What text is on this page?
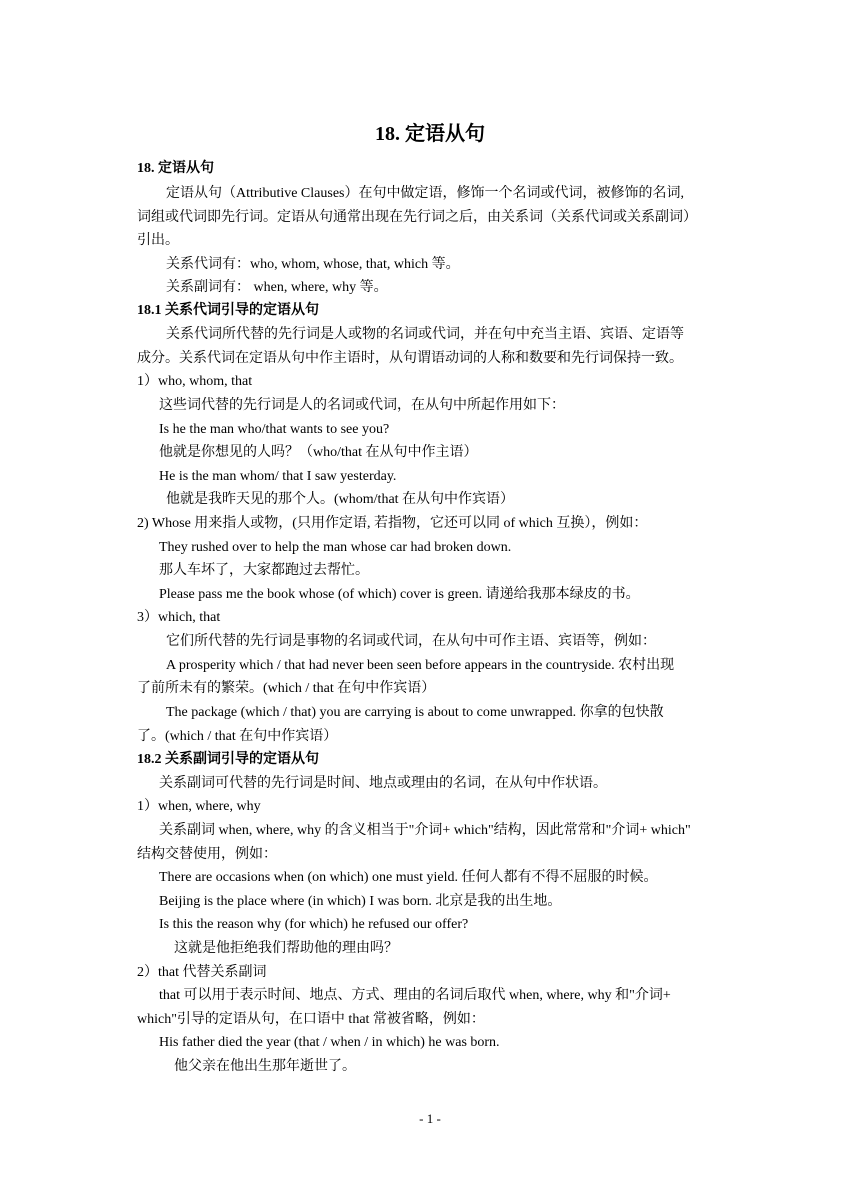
18. 定语从句
18. 定语从句
定语从句（Attributive Clauses）在句中做定语，修饰一个名词或代词，被修饰的名词,
词组或代词即先行词。定语从句通常出现在先行词之后，由关系词（关系代词或关系副词）
引出。
关系代词有：who, whom, whose, that, which 等。
关系副词有： when, where, why 等。
18.1 关系代词引导的定语从句
关系代词所代替的先行词是人或物的名词或代词，并在句中充当主语、宾语、定语等
成分。关系代词在定语从句中作主语时，从句谓语动词的人称和数要和先行词保持一致。
1）who, whom, that
这些词代替的先行词是人的名词或代词，在从句中所起作用如下：
Is he the man who/that wants to see you?
他就是你想见的人吗？（who/that 在从句中作主语）
He is the man whom/ that I saw yesterday.
他就是我昨天见的那个人。(whom/that 在从句中作宾语）
2) Whose 用来指人或物，(只用作定语, 若指物，它还可以同 of which 互换），例如：
They rushed over to help the man whose car had broken down.
那人车坏了，大家都跑过去帮忙。
Please pass me the book whose (of which) cover is green. 请递给我那本绿皮的书。
3）which, that
它们所代替的先行词是事物的名词或代词，在从句中可作主语、宾语等，例如：
A prosperity which / that had never been seen before appears in the countryside. 农村出现
了前所未有的繁荣。(which / that 在句中作宾语）
The package (which / that) you are carrying is about to come unwrapped. 你拿的包快散
了。(which / that 在句中作宾语）
18.2 关系副词引导的定语从句
关系副词可代替的先行词是时间、地点或理由的名词，在从句中作状语。
1）when, where, why
关系副词 when, where, why 的含义相当于"介词+ which"结构，因此常常和"介词+ which"
结构交替使用，例如：
There are occasions when (on which) one must yield. 任何人都有不得不屈服的时候。
Beijing is the place where (in which) I was born. 北京是我的出生地。
Is this the reason why (for which) he refused our offer?
这就是他拒绝我们帮助他的理由吗？
2）that 代替关系副词
that 可以用于表示时间、地点、方式、理由的名词后取代 when, where, why 和"介词+
which"引导的定语从句，在口语中 that 常被省略，例如：
His father died the year (that / when / in which) he was born.
他父亲在他出生那年逝世了。
- 1 -
